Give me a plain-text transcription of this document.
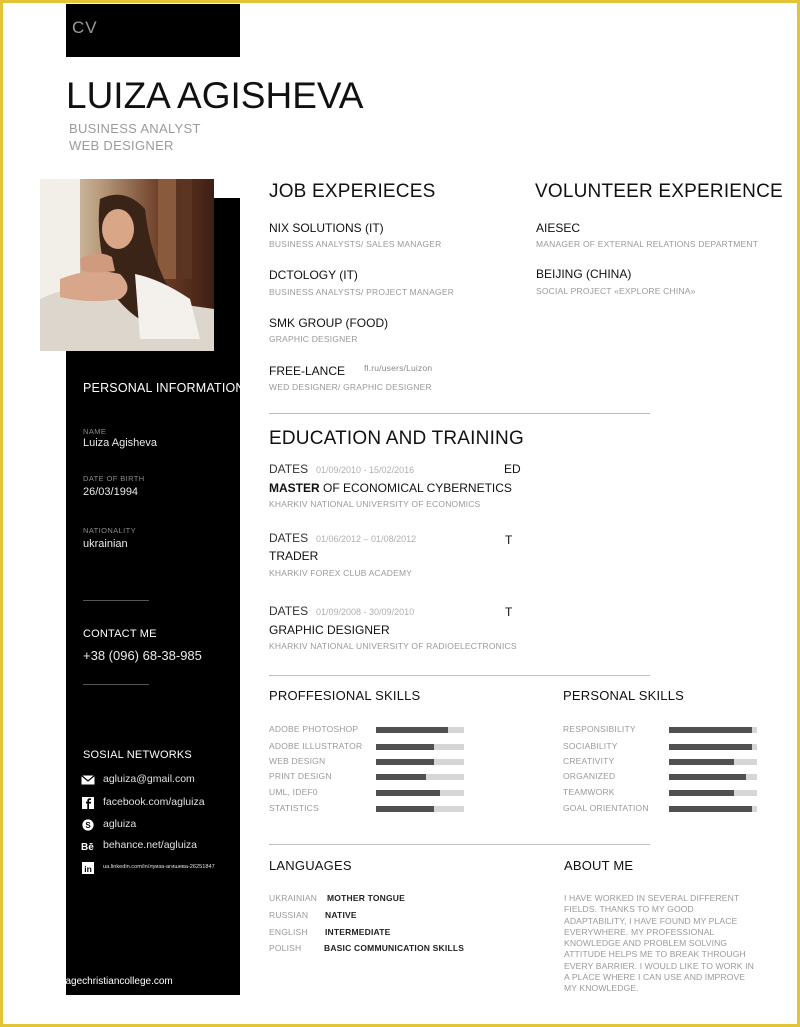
CV
LUIZA AGISHEVA
BUSINESS ANALYST
WEB DESIGNER
PERSONAL INFORMATION
NAME
Luiza Agisheva
DATE OF BIRTH
26/03/1994
NATIONALITY
ukrainian
CONTACT ME
+38 (096) 68-38-985
SOSIAL NETWORKS
agluiza@gmail.com
facebook.com/agluiza
S agluiza
Bē behance.net/agluiza
in ua.linkedin.com/in/луиза-агишева-26251847
heritagechristiancollege.com
JOB EXPERIECES
NIX SOLUTIONS (IT)
BUSINESS ANALYSTS/ SALES MANAGER
DCTOLOGY (IT)
BUSINESS ANALYSTS/ PROJECT MANAGER
SMK GROUP (FOOD)
GRAPHIC DESIGNER
FREE-LANCE fl.ru/users/Luizon
WED DESIGNER/ GRAPHIC DESIGNER
VOLUNTEER EXPERIENCE
AIESEC
MANAGER OF EXTERNAL RELATIONS DEPARTMENT
BEIJING (CHINA)
SOCIAL PROJECT «EXPLORE CHINA»
EDUCATION AND TRAINING
DATES 01/09/2010 - 15/02/2016	ED
MASTER OF ECONOMICAL CYBERNETICS
KHARKIV NATIONAL UNIVERSITY OF ECONOMICS
DATES 01/06/2012 – 01/08/2012	T
TRADER
KHARKIV FOREX CLUB ACADEMY
DATES 01/09/2008 - 30/09/2010	T
GRAPHIC DESIGNER
KHARKIV NATIONAL UNIVERSITY OF RADIOELECTRONICS
PROFFESIONAL SKILLS	PERSONAL SKILLS
ADOBE PHOTOSHOP
ADOBE ILLUSTRATOR
WEB DESIGN
PRINT DESIGN
UML, IDEF0
STATISTICS
RESPONSIBILITY
SOCIABILITY
CREATIVITY
ORGANIZED
TEAMWORK
GOAL ORIENTATION
LANGUAGES
UKRAINIAN MOTHER TONGUE
RUSSIAN NATIVE
ENGLISH INTERMEDIATE
POLISH	BASIC COMMUNICATION SKILLS
ABOUT ME
I HAVE WORKED IN SEVERAL DIFFERENT FIELDS. THANKS TO MY GOOD ADAPTABILITY, I HAVE FOUND MY PLACE EVERYWHERE. MY PROFESSIONAL KNOWLEDGE AND PROBLEM SOLVING ATTITUDE HELPS ME TO BREAK THROUGH EVERY BARRIER. I WOULD LIKE TO WORK IN A PLACE WHERE I CAN USE AND IMPROVE MY KNOWLEDGE.
